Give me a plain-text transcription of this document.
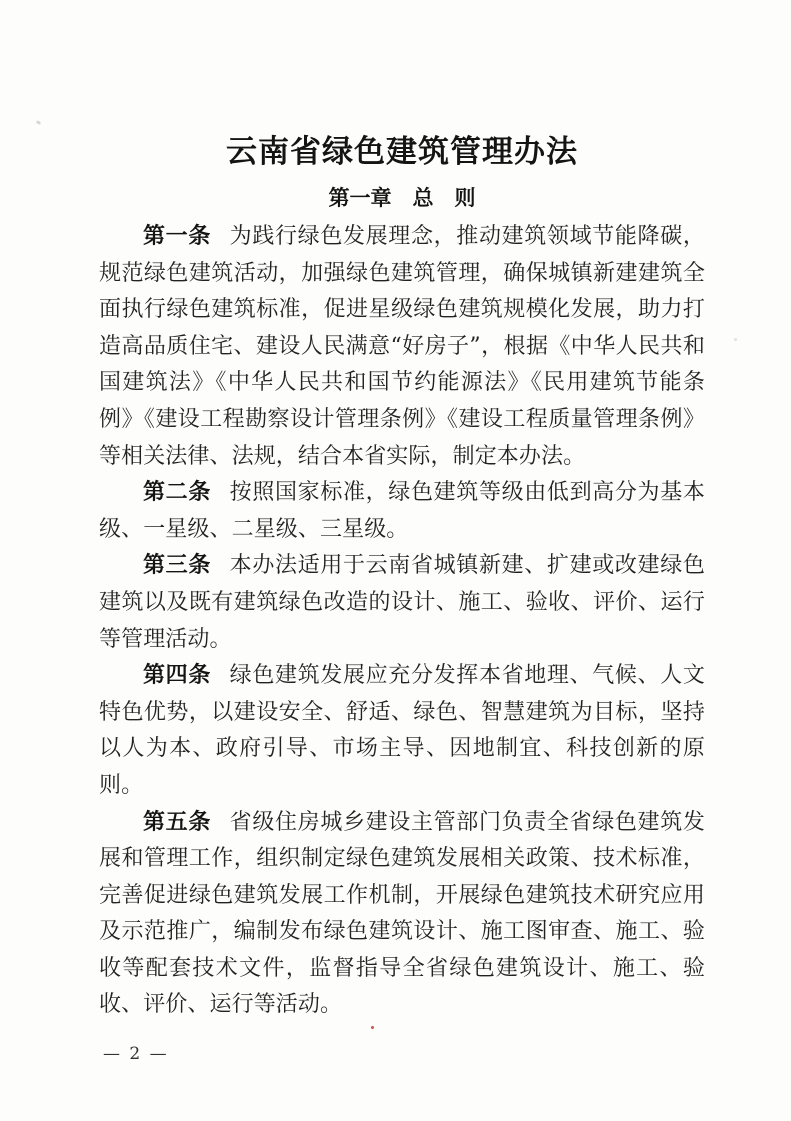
云南省绿色建筑管理办法
第一章　总　则

第一条 为践行绿色发展理念，推动建筑领域节能降碳，规范绿色建筑活动，加强绿色建筑管理，确保城镇新建建筑全面执行绿色建筑标准，促进星级绿色建筑规模化发展，助力打造高品质住宅、建设人民满意“好房子”，根据《中华人民共和国建筑法》《中华人民共和国节约能源法》《民用建筑节能条例》《建设工程勘察设计管理条例》《建设工程质量管理条例》等相关法律、法规，结合本省实际，制定本办法。

第二条 按照国家标准，绿色建筑等级由低到高分为基本级、一星级、二星级、三星级。

第三条 本办法适用于云南省城镇新建、扩建或改建绿色建筑以及既有建筑绿色改造的设计、施工、验收、评价、运行等管理活动。

第四条 绿色建筑发展应充分发挥本省地理、气候、人文特色优势，以建设安全、舒适、绿色、智慧建筑为目标，坚持以人为本、政府引导、市场主导、因地制宜、科技创新的原则。

第五条 省级住房城乡建设主管部门负责全省绿色建筑发展和管理工作，组织制定绿色建筑发展相关政策、技术标准，完善促进绿色建筑发展工作机制，开展绿色建筑技术研究应用及示范推广，编制发布绿色建筑设计、施工图审查、施工、验收等配套技术文件，监督指导全省绿色建筑设计、施工、验收、评价、运行等活动。

— 2 —
